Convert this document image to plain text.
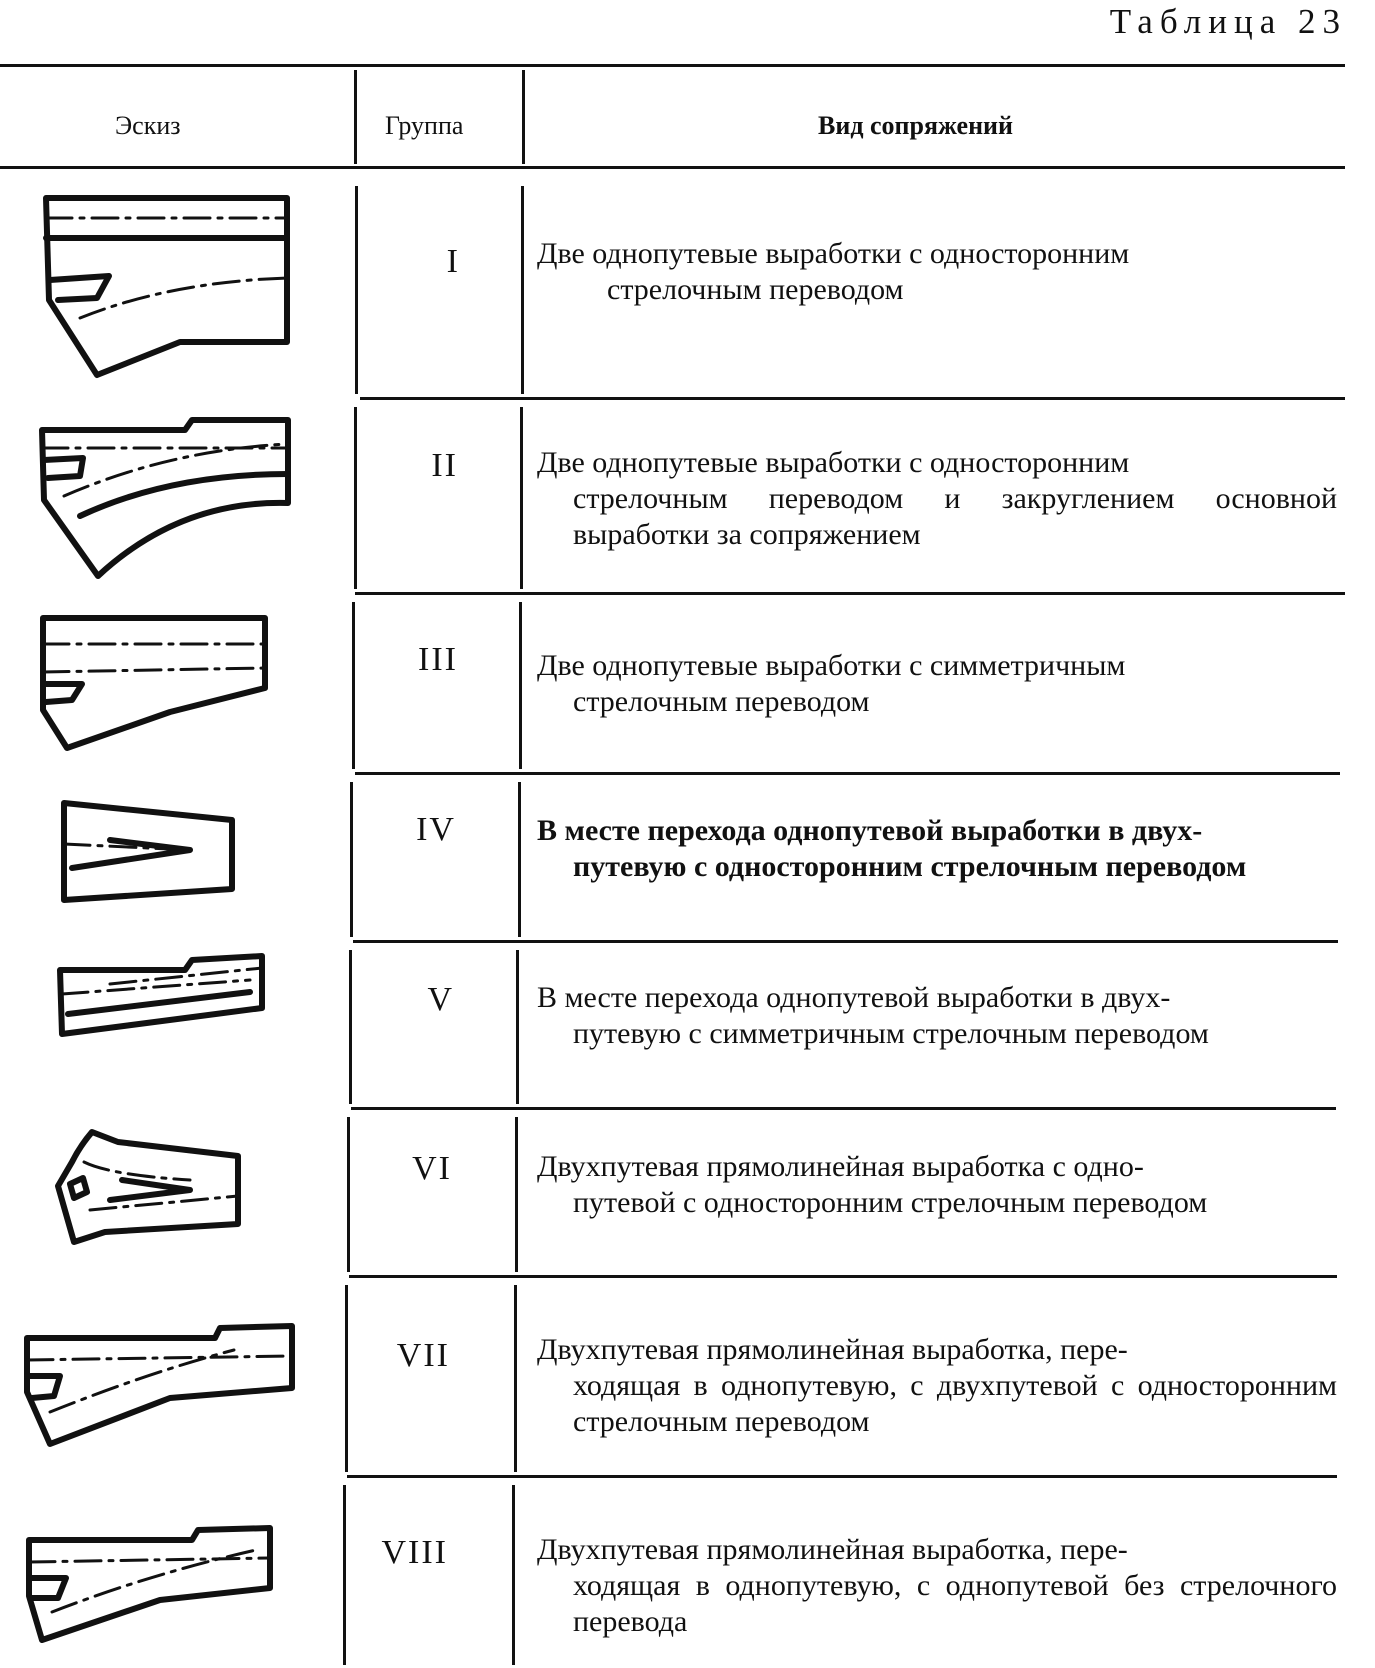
Таблица 23
Эскиз	Группа	Вид сопряжений
I	Две однопутевые выработки с односторонним
стрелочным переводом
II	Две однопутевые выработки с односторонним
стрелочным переводом и закруглением основной выработки за сопряжением
III	Две однопутевые выработки с симметричным
стрелочным переводом
IV	В месте перехода однопутевой выработки в двух-
путевую с односторонним стрелочным переводом
V	В месте перехода однопутевой выработки в двух-
путевую с симметричным стрелочным переводом
VI	Двухпутевая прямолинейная выработка с одно-
путевой с односторонним стрелочным переводом
VII	Двухпутевая прямолинейная выработка, пере-
ходящая в однопутевую, с двухпутевой с односторонним стрелочным переводом
VIII	Двухпутевая прямолинейная выработка, пере-
ходящая в однопутевую, с однопутевой без стрелочного перевода
